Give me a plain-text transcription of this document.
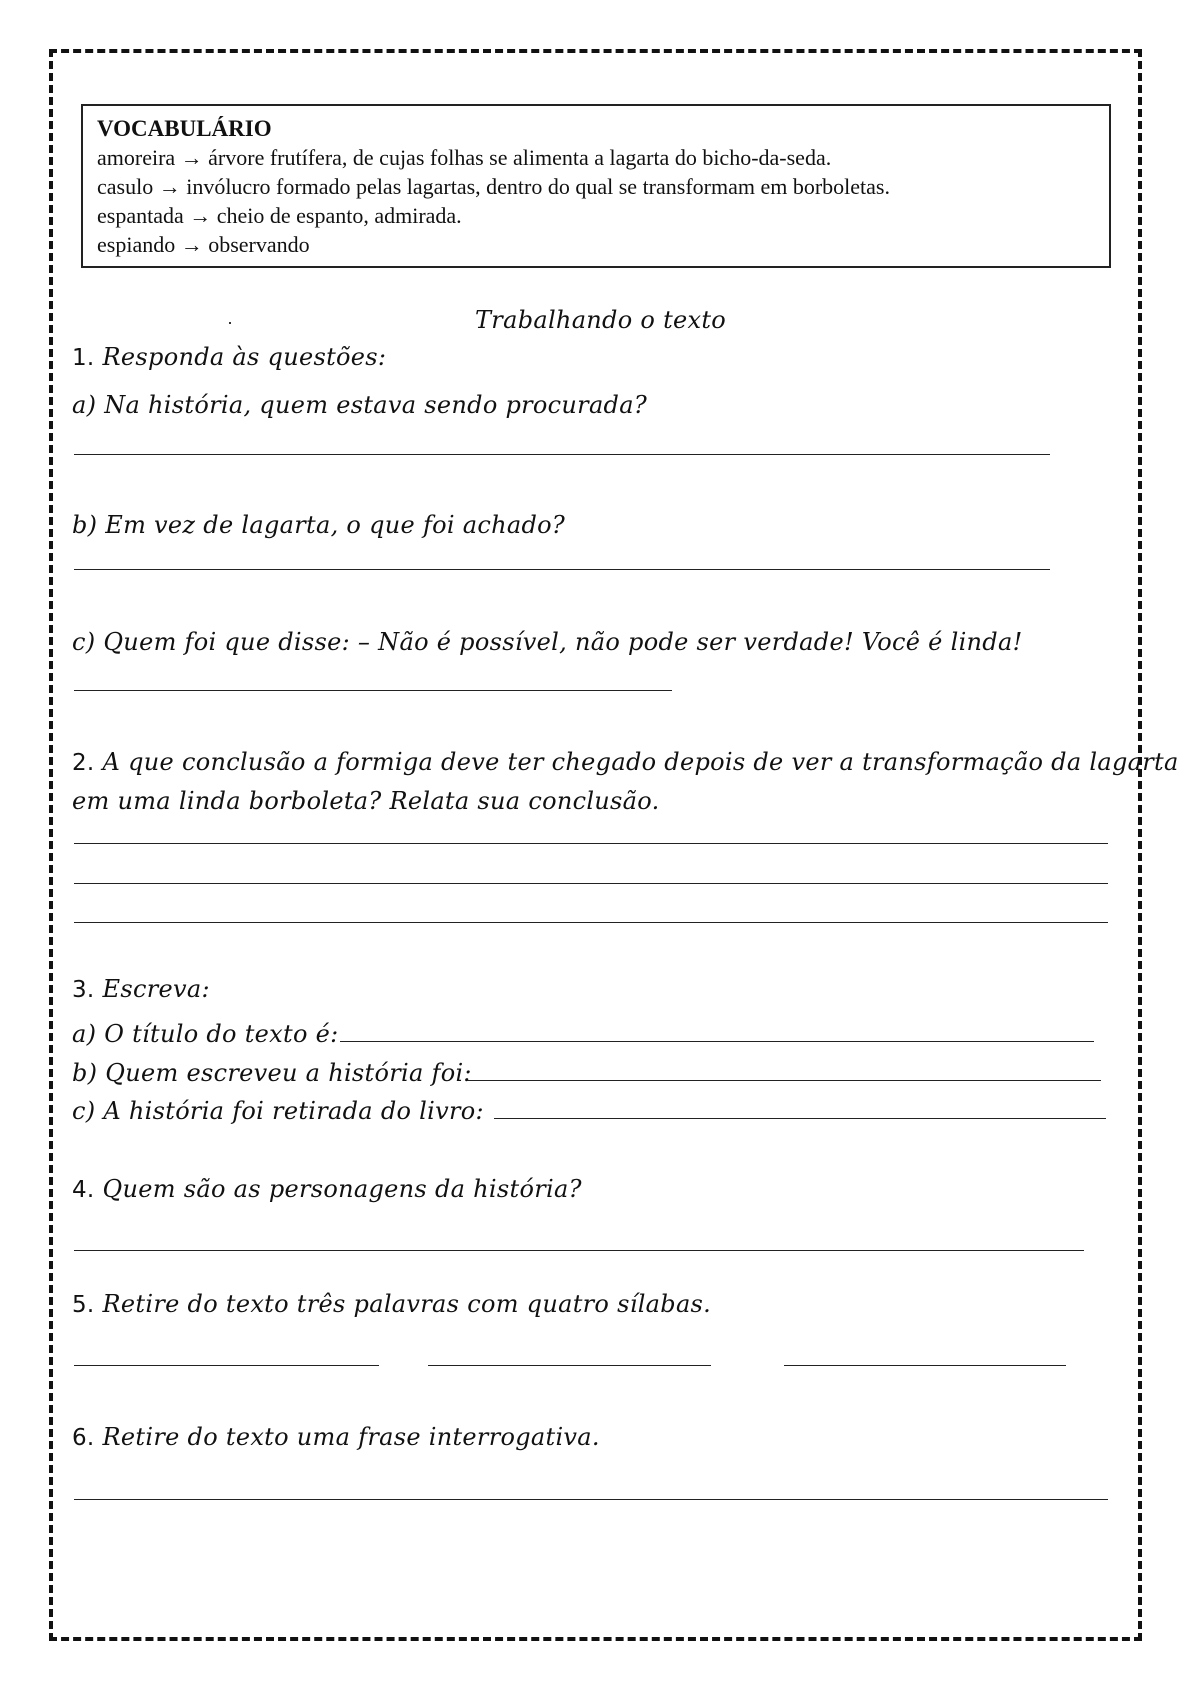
VOCABULÁRIO
amoreira → árvore frutífera, de cujas folhas se alimenta a lagarta do bicho-da-seda.
casulo → invólucro formado pelas lagartas, dentro do qual se transformam em borboletas.
espantada → cheio de espanto, admirada.
espiando → observando
Trabalhando o texto
1. Responda às questões:
a) Na história, quem estava sendo procurada?
b) Em vez de lagarta, o que foi achado?
c) Quem foi que disse: – Não é possível, não pode ser verdade! Você é linda!
2. A que conclusão a formiga deve ter chegado depois de ver a transformação da lagarta
em uma linda borboleta? Relata sua conclusão.
3. Escreva:
a) O título do texto é:
b) Quem escreveu a história foi:
c) A história foi retirada do livro:
4. Quem são as personagens da história?
5. Retire do texto três palavras com quatro sílabas.
6. Retire do texto uma frase interrogativa.
